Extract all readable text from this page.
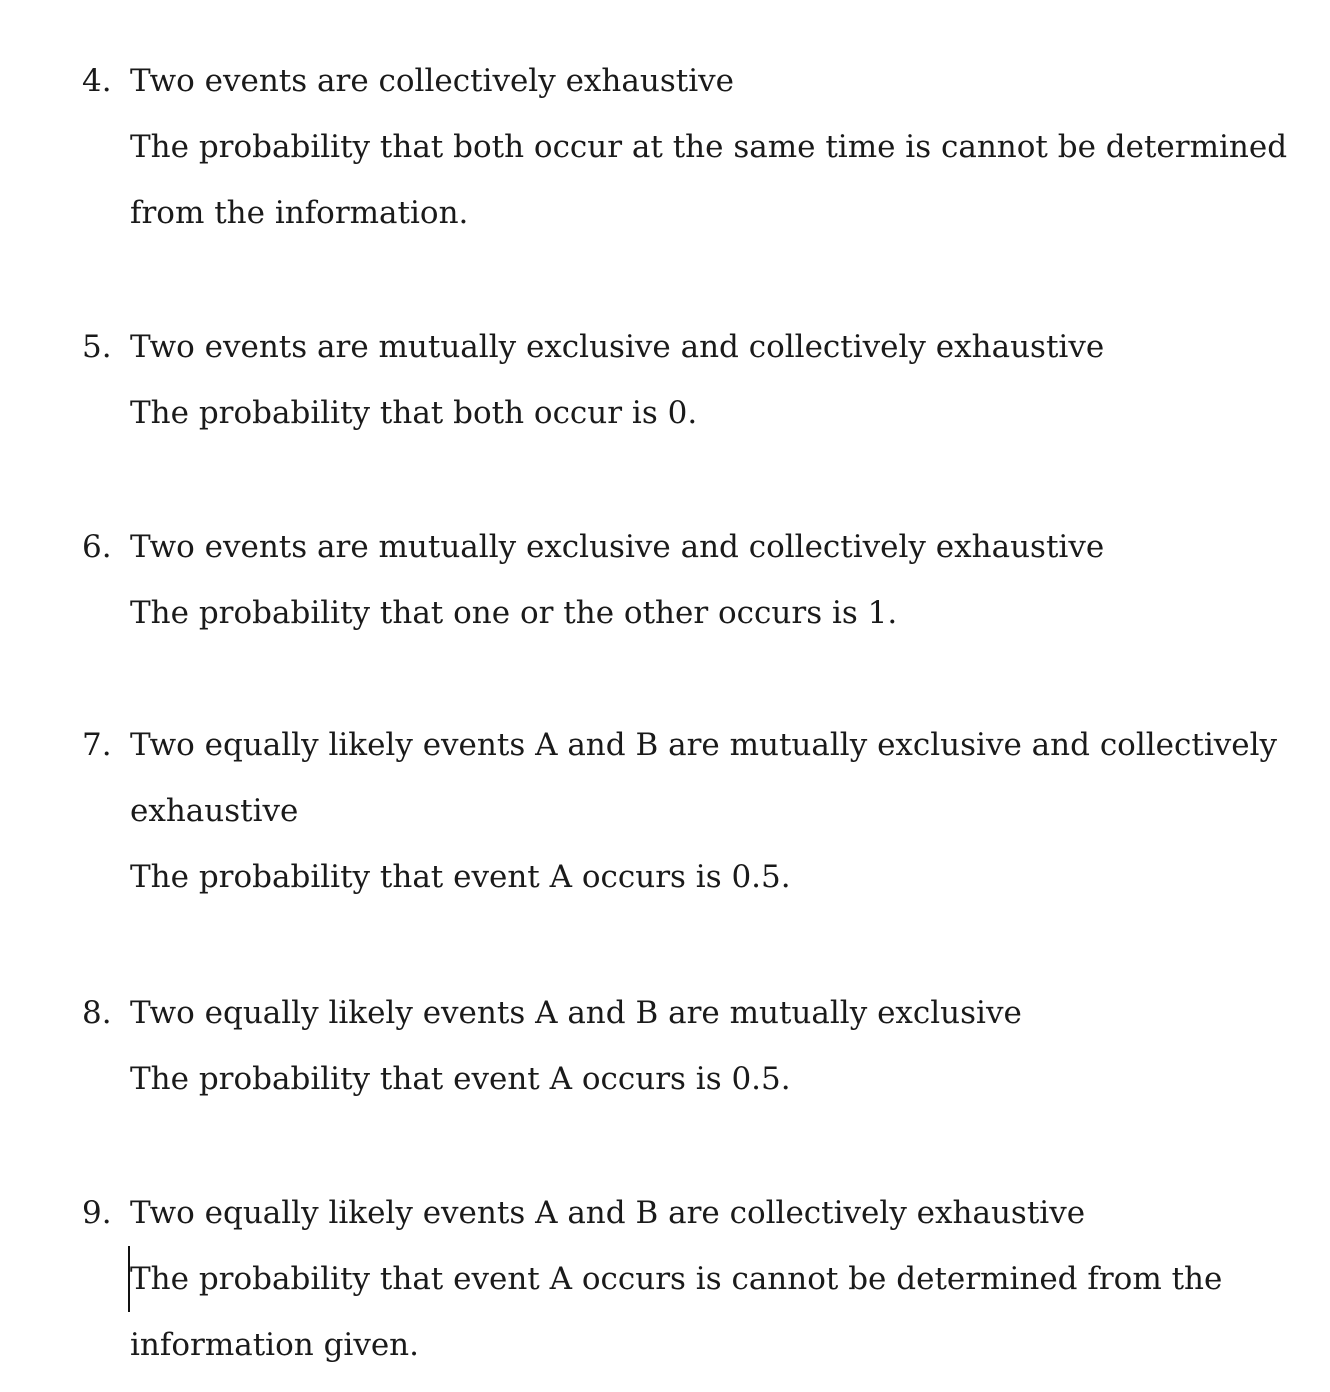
4. Two events are collectively exhaustive
The probability that both occur at the same time is cannot be determined
from the information.
5. Two events are mutually exclusive and collectively exhaustive
The probability that both occur is 0.
6. Two events are mutually exclusive and collectively exhaustive
The probability that one or the other occurs is 1.
7. Two equally likely events A and B are mutually exclusive and collectively
exhaustive
The probability that event A occurs is 0.5.
8. Two equally likely events A and B are mutually exclusive
The probability that event A occurs is 0.5.
9. Two equally likely events A and B are collectively exhaustive
The probability that event A occurs is cannot be determined from the
information given.
